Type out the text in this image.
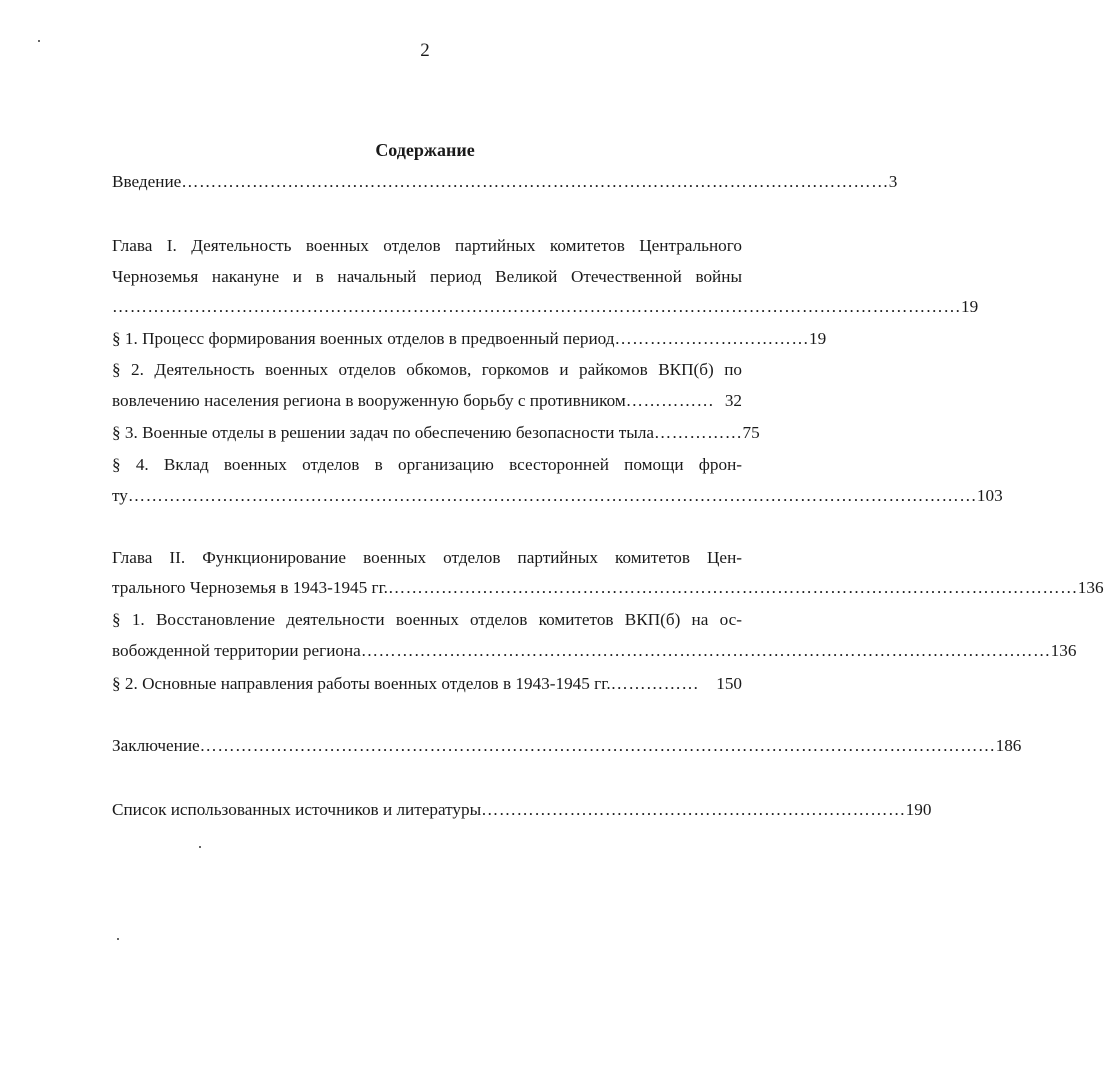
2
Содержание
Введение ………………………………………………………………………………………………………… 3
Глава I. Деятельность военных отделов партийных комитетов Центрального
Черноземья накануне и в начальный период Великой Отечественной войны
……………………………………………………………………………………………………………………………… 19
§ 1. Процесс формирования военных отделов в предвоенный период …………………………… 19
§ 2. Деятельность военных отделов обкомов, горкомов и райкомов ВКП(б) по
вовлечению населения региона в вооруженную борьбу с противником …………… 32
§ 3. Военные отделы в решении задач по обеспечению безопасности тыла …………… 75
§ 4. Вклад военных отделов в организацию всесторонней помощи фрон-
ту ……………………………………………………………………………………………………………………………… 103
Глава II. Функционирование военных отделов партийных комитетов Цен-
трального Черноземья в 1943-1945 гг. ……………………………………………………………………………………………………… 136
§ 1. Восстановление деятельности военных отделов комитетов ВКП(б) на ос-
вобожденной территории региона ……………………………………………………………………………………………………… 136
§ 2. Основные направления работы военных отделов в 1943-1945 гг. …………… 150
Заключение ……………………………………………………………………………………………………………………… 186
Список использованных источников и литературы ……………………………………………………………… 190
